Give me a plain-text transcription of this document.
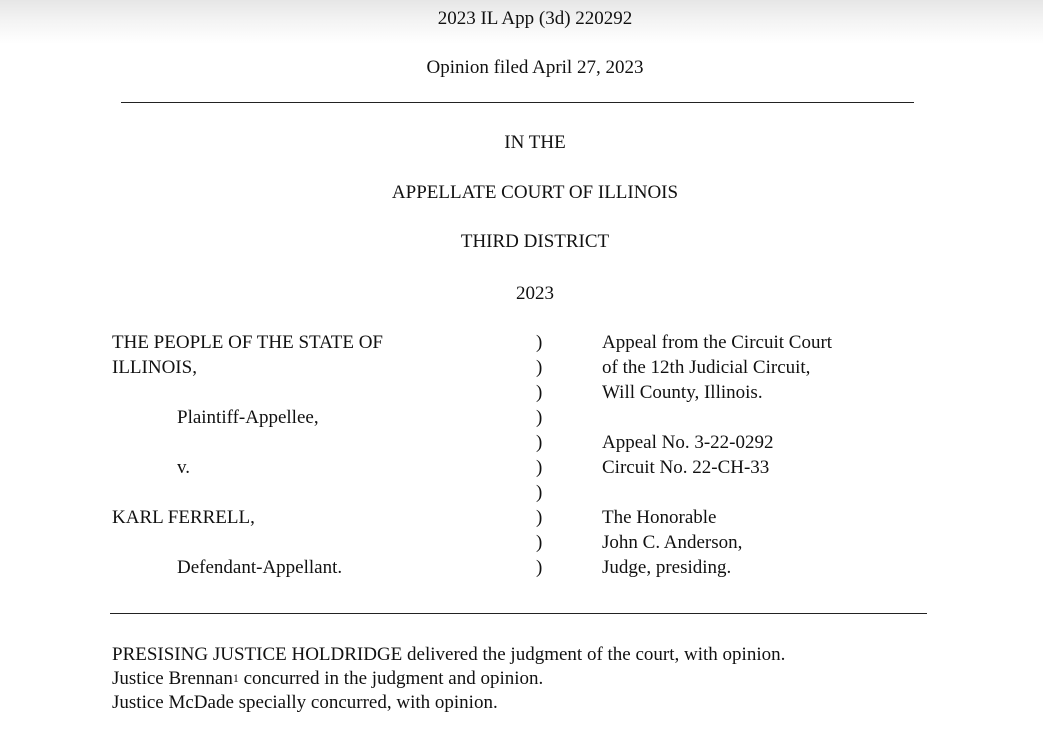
2023 IL App (3d) 220292
Opinion filed April 27, 2023
IN THE
APPELLATE COURT OF ILLINOIS
THIRD DISTRICT
2023
THE PEOPLE OF THE STATE OF
ILLINOIS,
Plaintiff-Appellee,
v.
KARL FERRELL,
Defendant-Appellant.
)
)
)
)
)
)
)
)
)
)
Appeal from the Circuit Court
of the 12th Judicial Circuit,
Will County, Illinois.
Appeal No. 3-22-0292
Circuit No. 22-CH-33
The Honorable
John C. Anderson,
Judge, presiding.
PRESISING JUSTICE HOLDRIDGE delivered the judgment of the court, with opinion.
Justice Brennan$^1$ concurred in the judgment and opinion.
Justice McDade specially concurred, with opinion.
